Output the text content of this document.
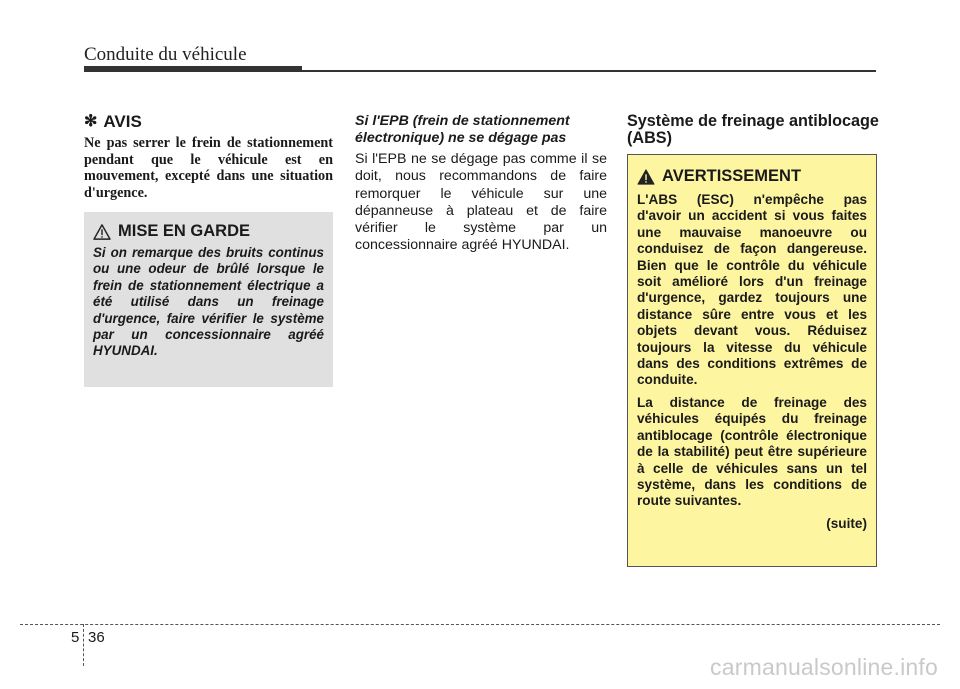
Conduite du véhicule
✻ AVIS

Ne pas serrer le frein de stationnement pendant que le véhicule est en mouvement, excepté dans une situation d'urgence.

MISE EN GARDE

Si on remarque des bruits continus ou une odeur de brûlé lorsque le frein de stationnement électrique a été utilisé dans un freinage d'urgence, faire vérifier le système par un concessionnaire agréé HYUNDAI.

Si l'EPB (frein de stationnement électronique) ne se dégage pas

Si l'EPB ne se dégage pas comme il se doit, nous recommandons de faire remorquer le véhicule sur une dépanneuse à plateau et de faire vérifier le système par un concessionnaire agréé HYUNDAI.

Système de freinage antiblocage (ABS)

AVERTISSEMENT

L'ABS (ESC) n'empêche pas d'avoir un accident si vous faites une mauvaise manoeuvre ou conduisez de façon dangereuse. Bien que le contrôle du véhicule soit amélioré lors d'un freinage d'urgence, gardez toujours une distance sûre entre vous et les objets devant vous. Réduisez toujours la vitesse du véhicule dans des conditions extrêmes de conduite.

La distance de freinage des véhicules équipés du freinage antiblocage (contrôle électronique de la stabilité) peut être supérieure à celle de véhicules sans un tel système, dans les conditions de route suivantes.

(suite)

5 36
carmanualsonline.info
